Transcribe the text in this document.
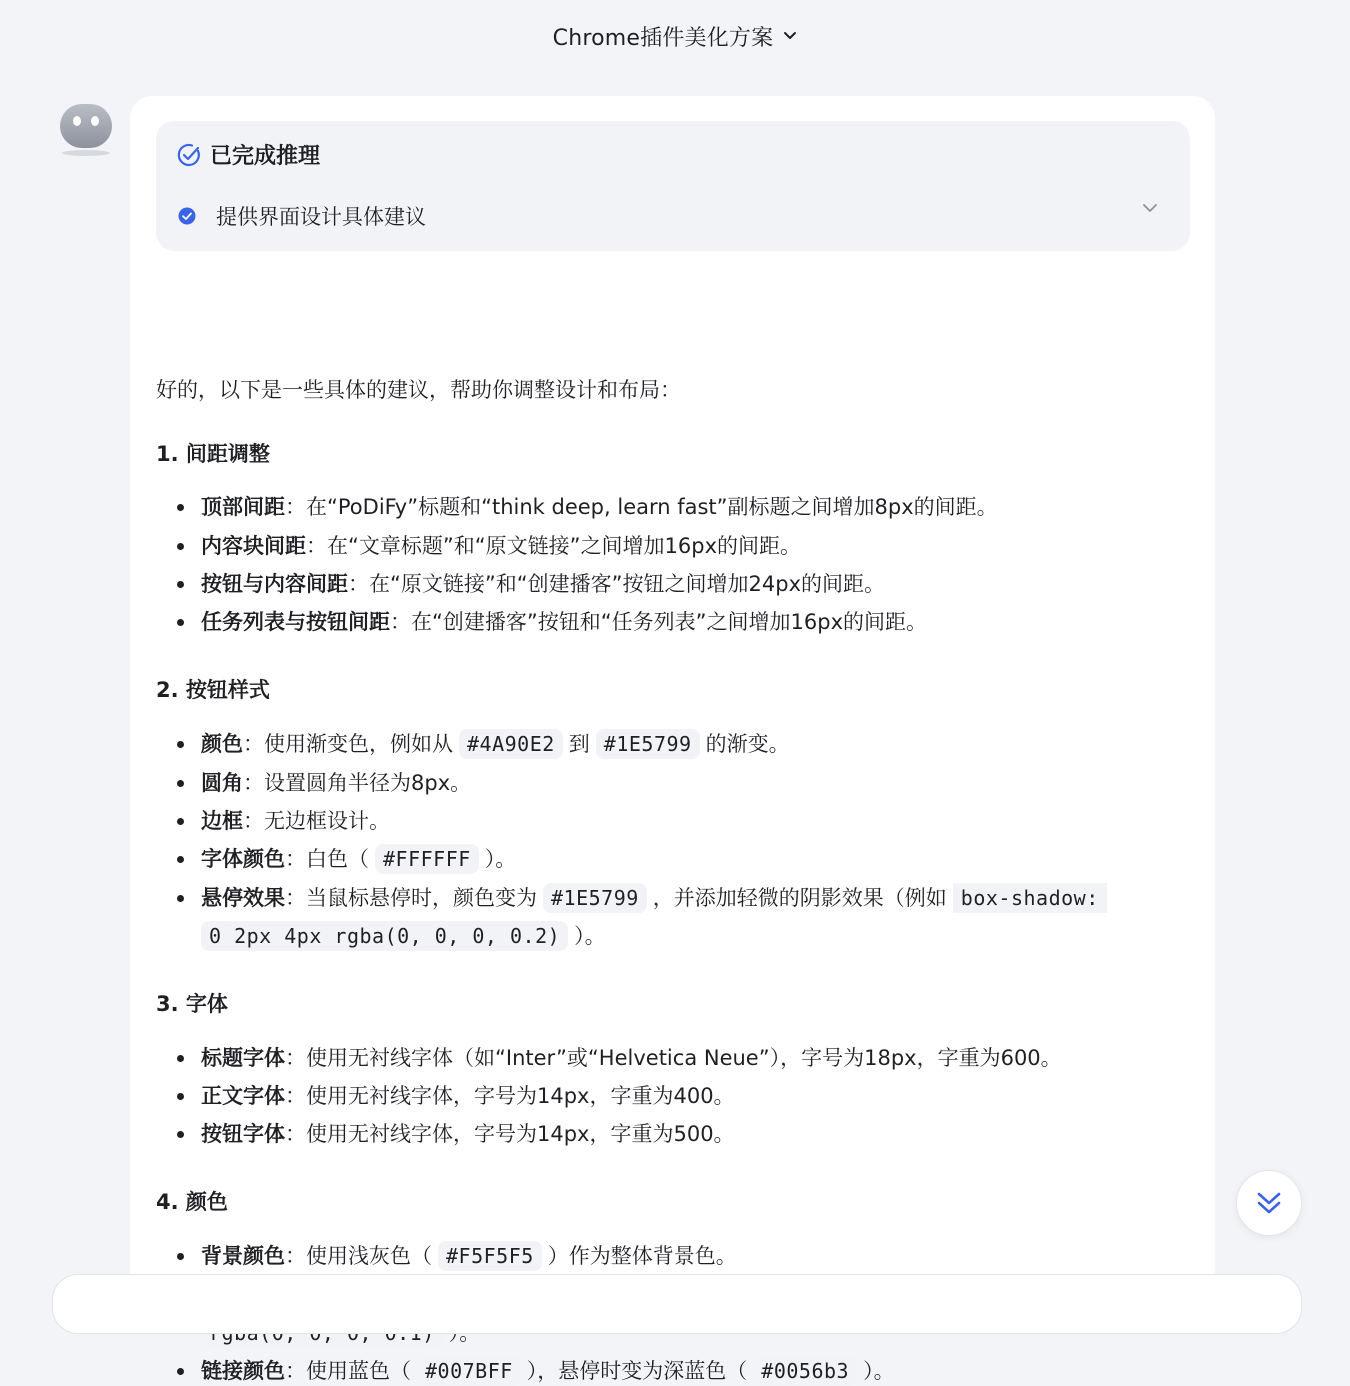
Chrome插件美化方案
已完成推理
提供界面设计具体建议
好的，以下是一些具体的建议，帮助你调整设计和布局：
1. 间距调整
顶部间距：在“PoDiFy”标题和“think deep, learn fast”副标题之间增加8px的间距。
内容块间距：在“文章标题”和“原文链接”之间增加16px的间距。
按钮与内容间距：在“原文链接”和“创建播客”按钮之间增加24px的间距。
任务列表与按钮间距：在“创建播客”按钮和“任务列表”之间增加16px的间距。
2. 按钮样式
颜色：使用渐变色，例如从 #4A90E2 到 #1E5799 的渐变。
圆角：设置圆角半径为8px。
边框：无边框设计。
字体颜色：白色（ #FFFFFF ）。
悬停效果：当鼠标悬停时，颜色变为 #1E5799 ，并添加轻微的阴影效果（例如 box-shadow:
0 2px 4px rgba(0, 0, 0, 0.2) ）。
3. 字体
标题字体：使用无衬线字体（如“Inter”或“Helvetica Neue”），字号为18px，字重为600。
正文字体：使用无衬线字体，字号为14px，字重为400。
按钮字体：使用无衬线字体，字号为14px，字重为500。
4. 颜色
背景颜色：使用浅灰色（ #F5F5F5 ）作为整体背景色。
链接颜色：使用蓝色（ #007BFF ），悬停时变为深蓝色（ #0056b3 ）。
